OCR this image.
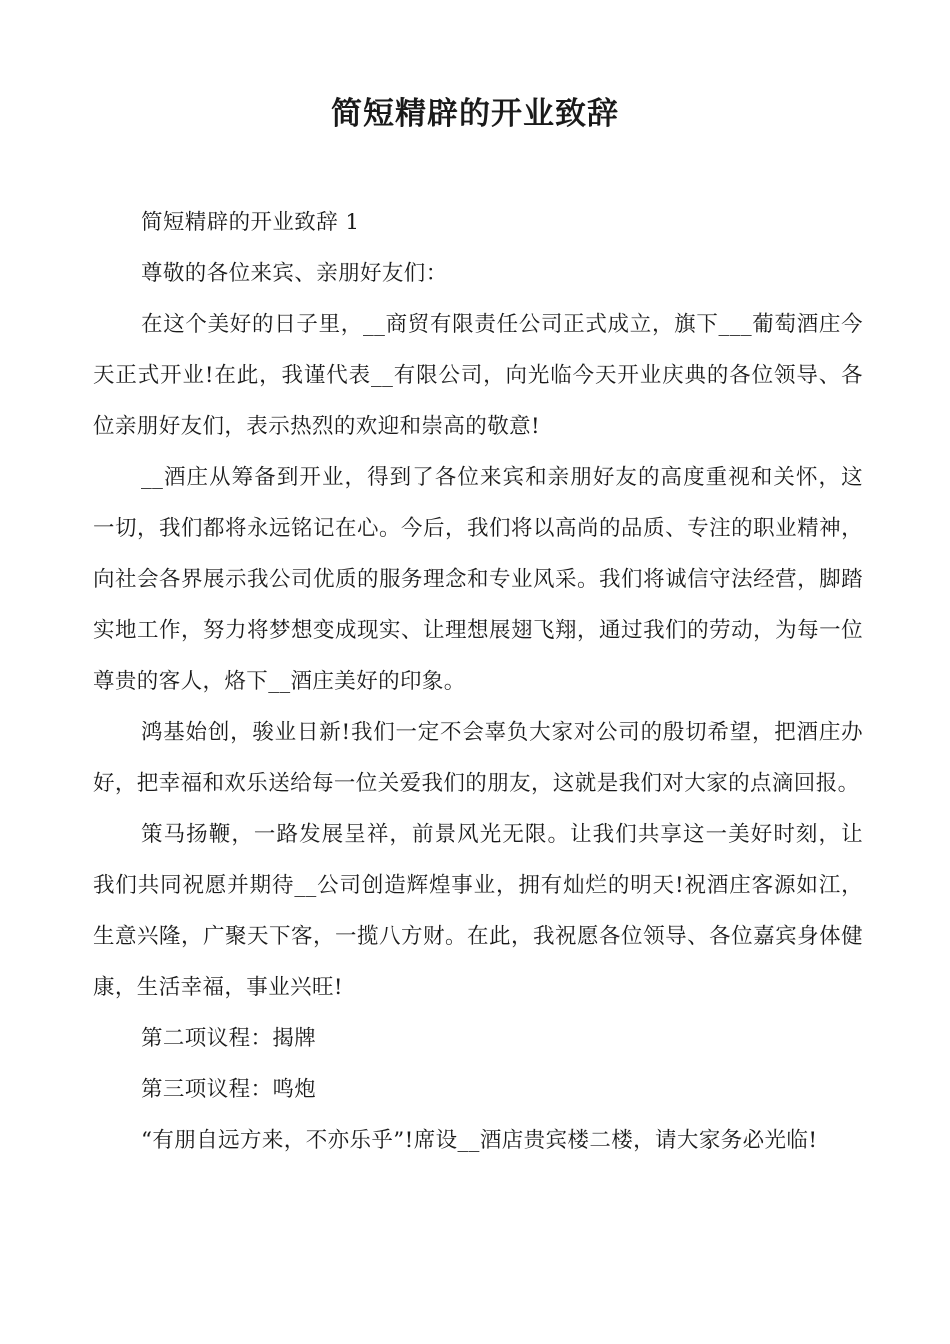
简短精辟的开业致辞

简短精辟的开业致辞 1

尊敬的各位来宾、亲朋好友们：

在这个美好的日子里，__商贸有限责任公司正式成立，旗下___葡萄酒庄今天正式开业!在此，我谨代表__有限公司，向光临今天开业庆典的各位领导、各位亲朋好友们，表示热烈的欢迎和崇高的敬意!

__酒庄从筹备到开业，得到了各位来宾和亲朋好友的高度重视和关怀，这一切，我们都将永远铭记在心。今后，我们将以高尚的品质、专注的职业精神，向社会各界展示我公司优质的服务理念和专业风采。我们将诚信守法经营，脚踏实地工作，努力将梦想变成现实、让理想展翅飞翔，通过我们的劳动，为每一位尊贵的客人，烙下__酒庄美好的印象。

鸿基始创，骏业日新!我们一定不会辜负大家对公司的殷切希望，把酒庄办好，把幸福和欢乐送给每一位关爱我们的朋友，这就是我们对大家的点滴回报。

策马扬鞭，一路发展呈祥，前景风光无限。让我们共享这一美好时刻，让我们共同祝愿并期待__公司创造辉煌事业，拥有灿烂的明天!祝酒庄客源如江，生意兴隆，广聚天下客，一揽八方财。在此，我祝愿各位领导、各位嘉宾身体健康，生活幸福，事业兴旺!

第二项议程：揭牌

第三项议程：鸣炮

“有朋自远方来，不亦乐乎”!席设__酒店贵宾楼二楼，请大家务必光临!
